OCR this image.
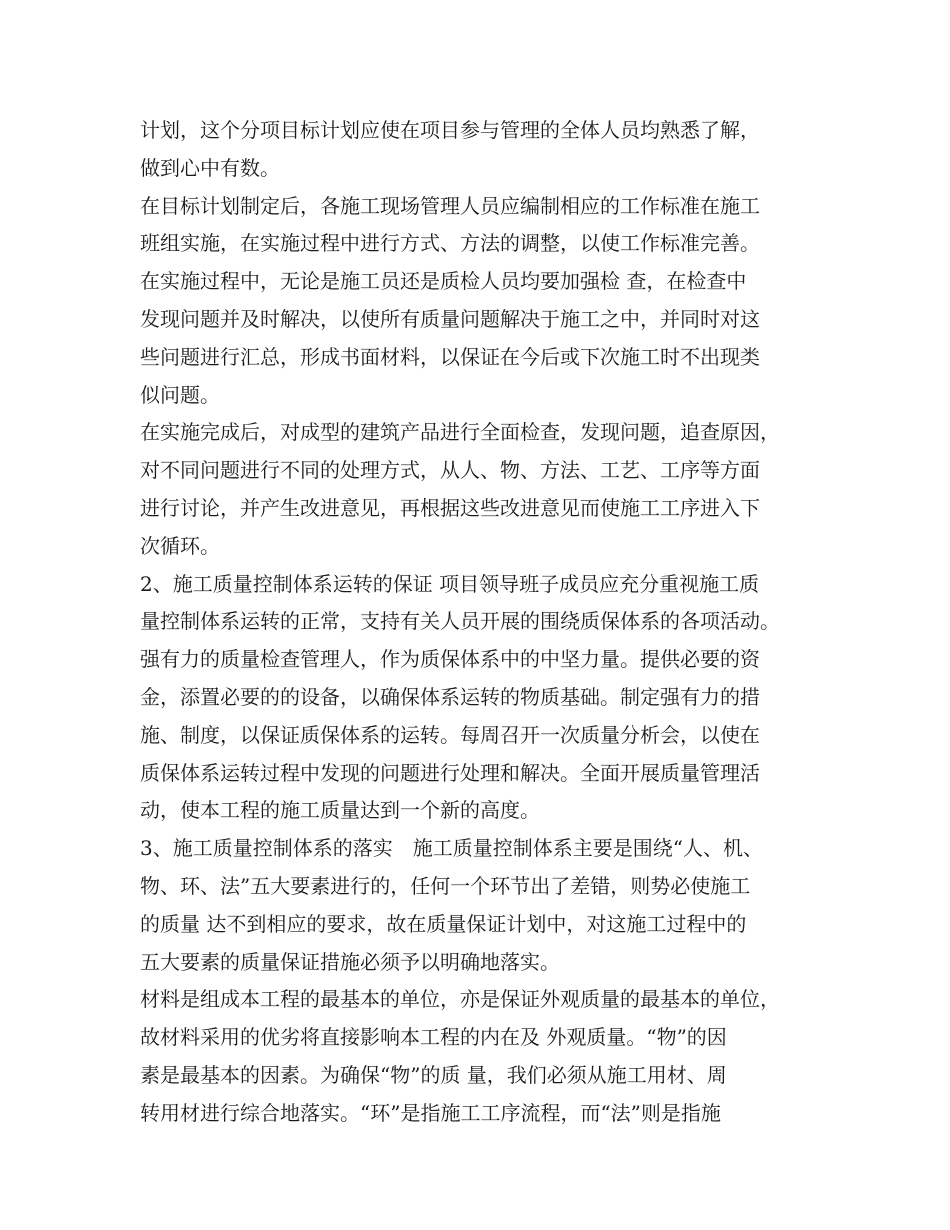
计划，这个分项目标计划应使在项目参与管理的全体人员均熟悉了解，
做到心中有数。
在目标计划制定后，各施工现场管理人员应编制相应的工作标准在施工
班组实施，在实施过程中进行方式、方法的调整，以使工作标准完善。
在实施过程中，无论是施工员还是质检人员均要加强检 查，在检查中
发现问题并及时解决，以使所有质量问题解决于施工之中，并同时对这
些问题进行汇总，形成书面材料，以保证在今后或下次施工时不出现类
似问题。
在实施完成后，对成型的建筑产品进行全面检查，发现问题，追查原因，
对不同问题进行不同的处理方式，从人、物、方法、工艺、工序等方面
进行讨论，并产生改进意见，再根据这些改进意见而使施工工序进入下
次循环。
2、施工质量控制体系运转的保证 项目领导班子成员应充分重视施工质
量控制体系运转的正常，支持有关人员开展的围绕质保体系的各项活动。
强有力的质量检查管理人，作为质保体系中的中坚力量。提供必要的资
金，添置必要的的设备，以确保体系运转的物质基础。制定强有力的措
施、制度，以保证质保体系的运转。每周召开一次质量分析会，以使在
质保体系运转过程中发现的问题进行处理和解决。全面开展质量管理活
动，使本工程的施工质量达到一个新的高度。
3、施工质量控制体系的落实　施工质量控制体系主要是围绕“人、机、
物、环、法”五大要素进行的，任何一个环节出了差错，则势必使施工
的质量 达不到相应的要求，故在质量保证计划中，对这施工过程中的
五大要素的质量保证措施必须予以明确地落实。
材料是组成本工程的最基本的单位，亦是保证外观质量的最基本的单位，
故材料采用的优劣将直接影响本工程的内在及 外观质量。“物”的因
素是最基本的因素。为确保“物”的质 量，我们必须从施工用材、周
转用材进行综合地落实。“环”是指施工工序流程，而“法”则是指施
